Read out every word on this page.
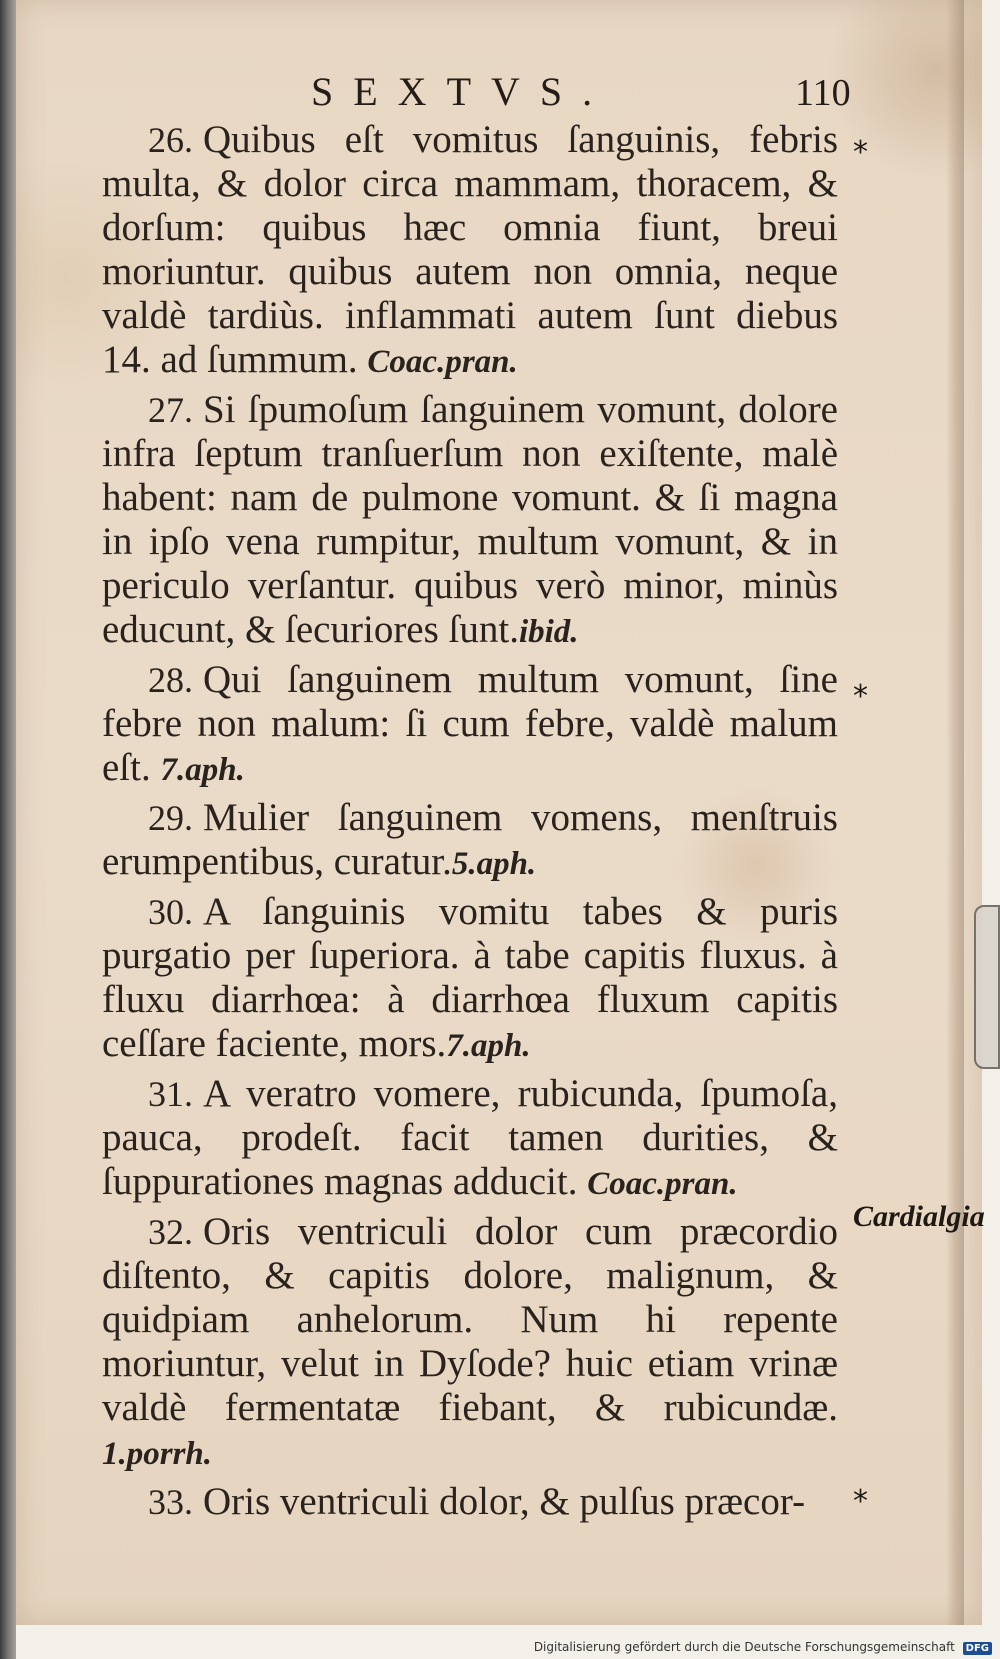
SEXTVS.	110

26. Quibus eſt vomitus ſanguinis, febris multa, & dolor circa mammam, thoracem, & dorſum: quibus hæc omnia fiunt, breui moriuntur. quibus autem non omnia, neque valdè tardiùs. inflammati autem ſunt diebus 14. ad ſummum. Coac.pran.

27. Si ſpumoſum ſanguinem vomunt, dolore infra ſeptum tranſuerſum non exiſtente, malè habent: nam de pulmone vomunt. & ſi magna in ipſo vena rumpitur, multum vomunt, & in periculo verſantur. quibus verò minor, minùs educunt, & ſecuriores ſunt.ibid.

28. Qui ſanguinem multum vomunt, ſine febre non malum: ſi cum febre, valdè malum eſt. 7.aph.

29. Mulier ſanguinem vomens, menſtruis erumpentibus, curatur.5.aph.

30. A ſanguinis vomitu tabes & puris purgatio per ſuperiora. à tabe capitis fluxus. à fluxu diarrhœa: à diarrhœa fluxum capitis ceſſare faciente, mors.7.aph.

31. A veratro vomere, rubicunda, ſpumoſa, pauca, prodeſt. facit tamen durities, & ſuppurationes magnas adducit. Coac.pran.

32. Oris ventriculi dolor cum præcordio diſtento, & capitis dolore, malignum, & quidpiam anhelorum. Num hi repente moriuntur, velut in Dyſode? huic etiam vrinæ valdè fermentatæ fiebant, & rubicundæ. 1.porrh.

33. Oris ventriculi dolor, & pulſus præcor-

*
*
*
Cardialgia
Digitalisierung gefördert durch die Deutsche Forschungsgemeinschaft DFG
